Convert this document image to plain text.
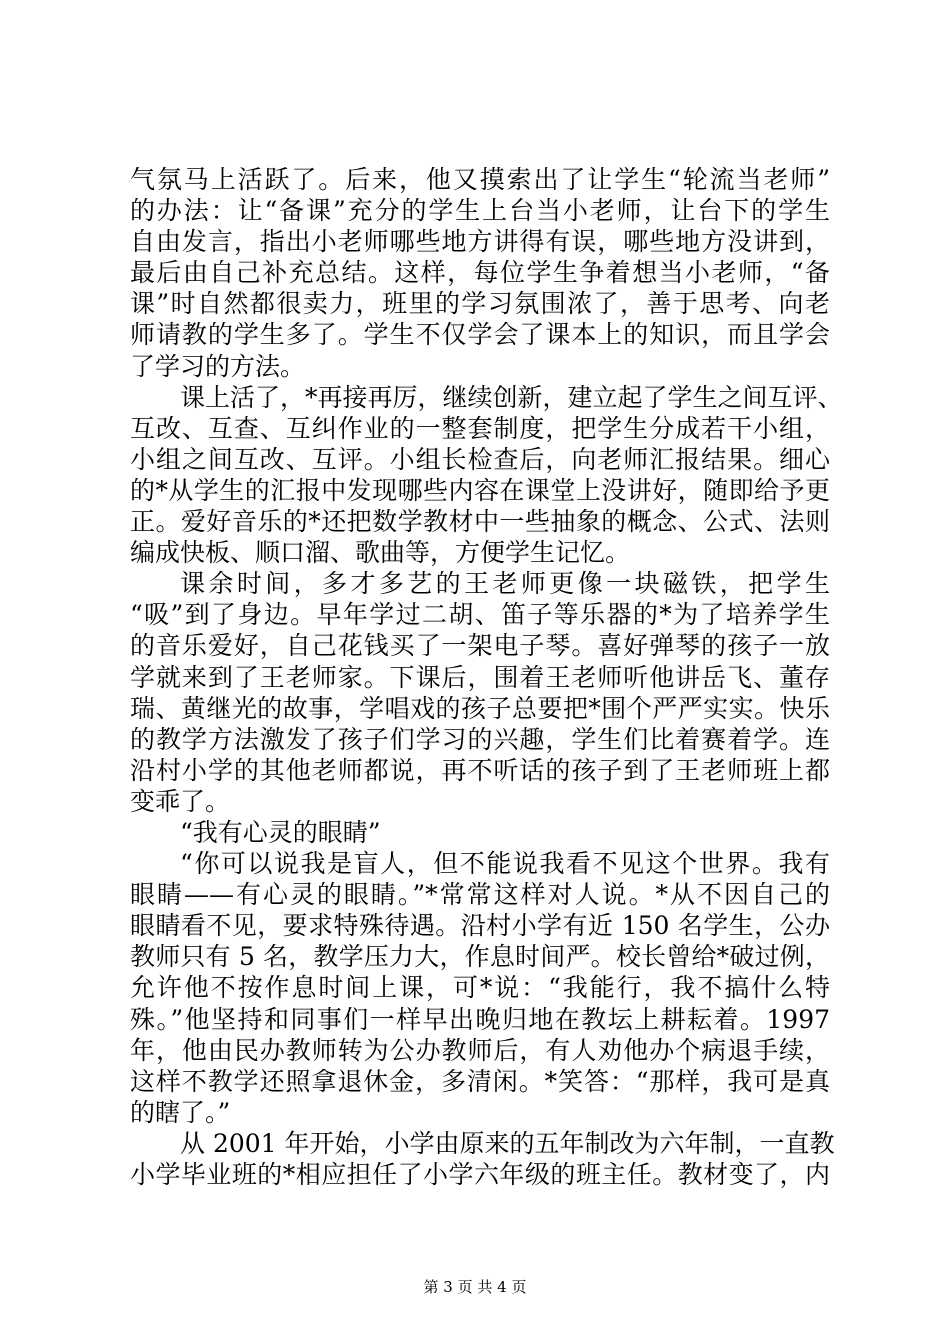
气氛马上活跃了。后来，他又摸索出了让学生“轮流当老师”
的办法：让“备课”充分的学生上台当小老师，让台下的学生
自由发言，指出小老师哪些地方讲得有误，哪些地方没讲到，
最后由自己补充总结。这样，每位学生争着想当小老师，“备
课”时自然都很卖力，班里的学习氛围浓了，善于思考、向老
师请教的学生多了。学生不仅学会了课本上的知识，而且学会
了学习的方法。
课上活了，*再接再厉，继续创新，建立起了学生之间互评、
互改、互查、互纠作业的一整套制度，把学生分成若干小组，
小组之间互改、互评。小组长检查后，向老师汇报结果。细心
的*从学生的汇报中发现哪些内容在课堂上没讲好，随即给予更
正。爱好音乐的*还把数学教材中一些抽象的概念、公式、法则
编成快板、顺口溜、歌曲等，方便学生记忆。
课余时间，多才多艺的王老师更像一块磁铁，把学生
“吸”到了身边。早年学过二胡、笛子等乐器的*为了培养学生
的音乐爱好，自己花钱买了一架电子琴。喜好弹琴的孩子一放
学就来到了王老师家。下课后，围着王老师听他讲岳飞、董存
瑞、黄继光的故事，学唱戏的孩子总要把*围个严严实实。快乐
的教学方法激发了孩子们学习的兴趣，学生们比着赛着学。连
沿村小学的其他老师都说，再不听话的孩子到了王老师班上都
变乖了。
“我有心灵的眼睛”
“你可以说我是盲人，但不能说我看不见这个世界。我有
眼睛——有心灵的眼睛。”*常常这样对人说。*从不因自己的
眼睛看不见，要求特殊待遇。沿村小学有近 150 名学生，公办
教师只有 5 名，教学压力大，作息时间严。校长曾给*破过例，
允许他不按作息时间上课，可*说：“我能行，我不搞什么特
殊。”他坚持和同事们一样早出晚归地在教坛上耕耘着。1997
年，他由民办教师转为公办教师后，有人劝他办个病退手续，
这样不教学还照拿退休金，多清闲。*笑答：“那样，我可是真
的瞎了。”
从 2001 年开始，小学由原来的五年制改为六年制，一直教
小学毕业班的*相应担任了小学六年级的班主任。教材变了，内
第 3 页 共 4 页
